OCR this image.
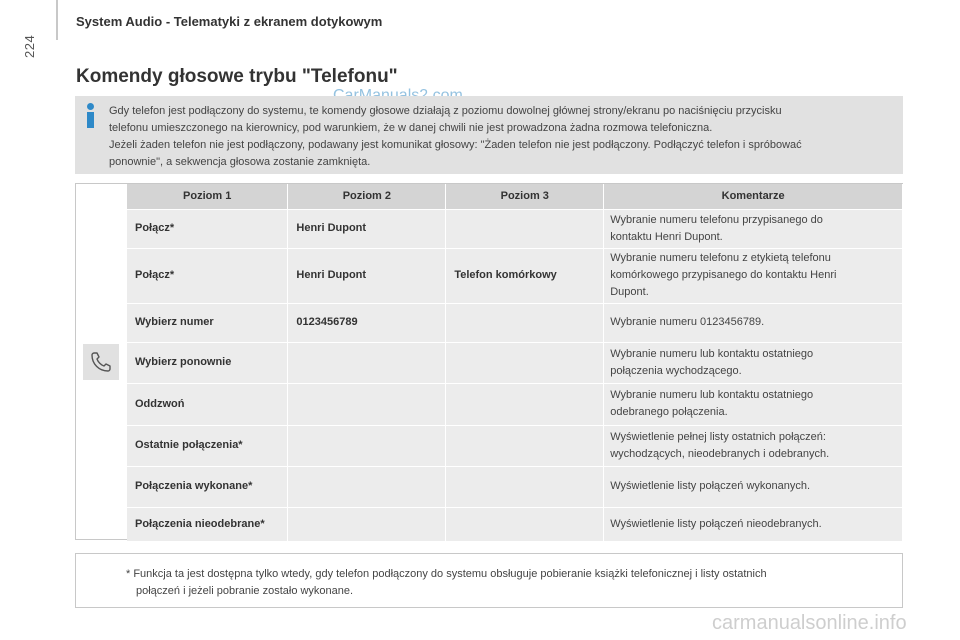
224
System Audio - Telematyki z ekranem dotykowym
Komendy głosowe trybu "Telefonu"

Gdy telefon jest podłączony do systemu, te komendy głosowe działają z poziomu dowolnej głównej strony/ekranu po naciśnięciu przycisku

telefonu umieszczonego na kierownicy, pod warunkiem, że w danej chwili nie jest prowadzona żadna rozmowa telefoniczna.

Jeżeli żaden telefon nie jest podłączony, podawany jest komunikat głosowy: "Żaden telefon nie jest podłączony. Podłączyć telefon i spróbować

ponownie", a sekwencja głosowa zostanie zamknięta.

Poziom 1	Poziom 2	Poziom 3	Komentarze
Połącz*	Henri Dupont		Wybranie numeru telefonu przypisanego do
kontaktu Henri Dupont.

Połącz*	Henri Dupont	Telefon komórkowy	Wybranie numeru telefonu z etykietą telefonu
komórkowego przypisanego do kontaktu Henri
Dupont.

Wybierz numer	0123456789		Wybranie numeru 0123456789.

Wybierz ponownie			Wybranie numeru lub kontaktu ostatniego
połączenia wychodzącego.

Oddzwoń			Wybranie numeru lub kontaktu ostatniego
odebranego połączenia.

Ostatnie połączenia*			Wyświetlenie pełnej listy ostatnich połączeń:
wychodzących, nieodebranych i odebranych.

Połączenia wykonane*			Wyświetlenie listy połączeń wykonanych.

Połączenia nieodebrane*			Wyświetlenie listy połączeń nieodebranych.
* Funkcja ta jest dostępna tylko wtedy, gdy telefon podłączony do systemu obsługuje pobieranie książki telefonicznej i listy ostatnich
połączeń i jeżeli pobranie zostało wykonane.
carmanualsonline.info
